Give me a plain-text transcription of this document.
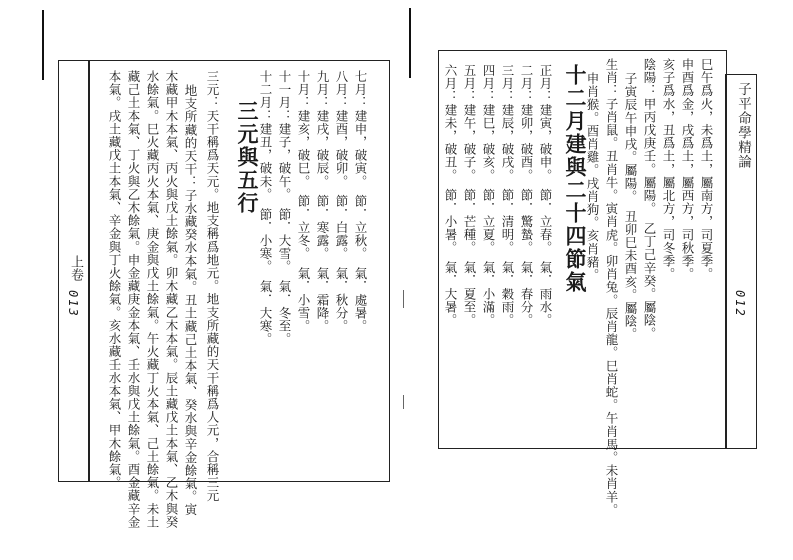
子平命學精論
012
巳午爲火，未爲土，屬南方，司夏季。
申酉爲金，戌爲土，屬西方，司秋季。
亥子爲水，丑爲土，屬北方，司冬季。
陰陽：甲丙戊庚壬。屬陽。　乙丁己辛癸。屬陰。
子寅辰午申戌。屬陽。　丑卯巳未酉亥。屬陰。
生肖：子肖鼠。丑肖牛。寅肖虎。卯肖兔。辰肖龍。巳肖蛇。午肖馬。未肖羊。
申肖猴。酉肖雞。戌肖狗。亥肖豬。
十二月建與二十四節氣
正月：建寅，破申。　節．立春。　氣．雨水。
二月：建卯，破酉。　節．驚蟄。　氣．春分。
三月：建辰，破戌。　節．清明。　氣．穀雨。
四月：建巳，破亥。　節．立夏。　氣．小滿。
五月：建午，破子。　節．芒種。　氣．夏至。
六月：建未，破丑。　節．小暑。　氣．大暑。
上卷
013	七月：建申，破寅。　節．立秋。　氣．處暑。
八月：建酉，破卯。　節．白露。　氣．秋分。
九月：建戌，破辰。　節．寒露。　氣．霜降。
十月：建亥，破巳。　節．立冬。　氣．小雪。
十一月：建子，破午。　節．大雪。　氣．冬至。
十二月：建丑，破未。　節．小寒。　氣．大寒。
三元與五行
三元：天干稱爲天元。地支稱爲地元。地支所藏的天干稱爲人元，合稱三元
地支所藏的天干：子水藏癸水本氣。丑土藏己土本氣、癸水與辛金餘氣。寅
木藏甲木本氣、丙火與戊土餘氣。卯木藏乙木本氣。辰土藏戊土本氣、乙木與癸
水餘氣。巳火藏丙火本氣、庚金與戊土餘氣。午火藏丁火本氣、己土餘氣。未土
藏己土本氣、丁火與乙木餘氣。申金藏庚金本氣、壬水與戊土餘氣。酉金藏辛金
本氣。戌土藏戊土本氣、辛金與丁火餘氣。亥水藏壬水本氣、甲木餘氣。
